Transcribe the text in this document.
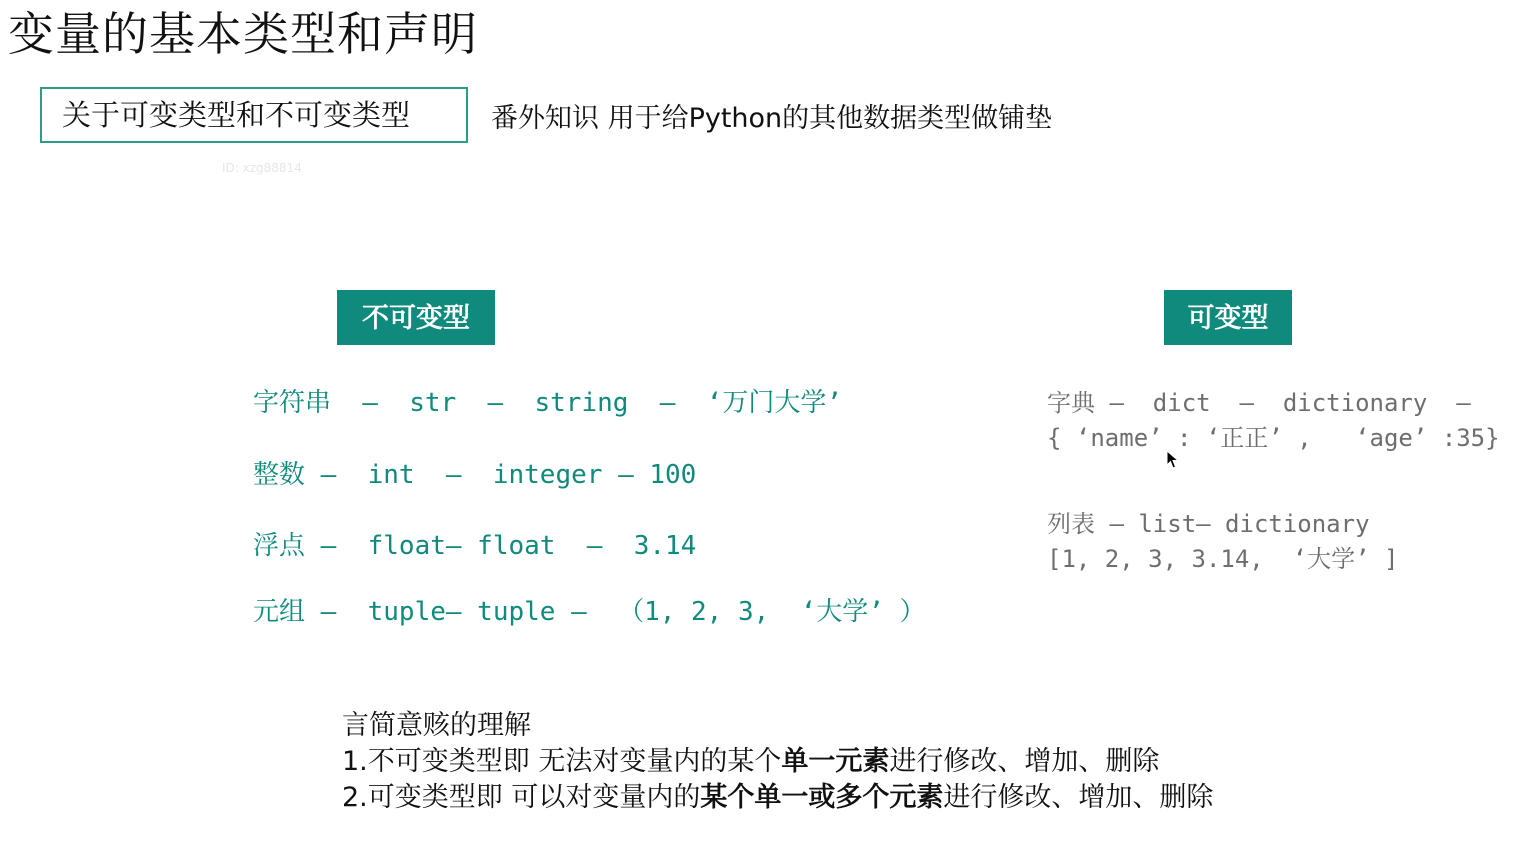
变量的基本类型和声明
关于可变类型和不可变类型	番外知识 用于给Python的其他数据类型做铺垫
ID: xzg88814
不可变型	可变型
字符串  –  str  –  string  –  ‘万门大学’
整数 –  int  –  integer – 100
浮点 –  float– float  –  3.14
元组 –  tuple– tuple –  （1, 2, 3,  ‘大学’ ）
字典 –  dict  –  dictionary  –
{ ‘name’ : ‘正正’ ,   ‘age’ :35}
列表 – list– dictionary
[1, 2, 3, 3.14,  ‘大学’ ]
言简意赅的理解
1.不可变类型即 无法对变量内的某个单一元素进行修改、增加、删除
2.可变类型即 可以对变量内的某个单一或多个元素进行修改、增加、删除
